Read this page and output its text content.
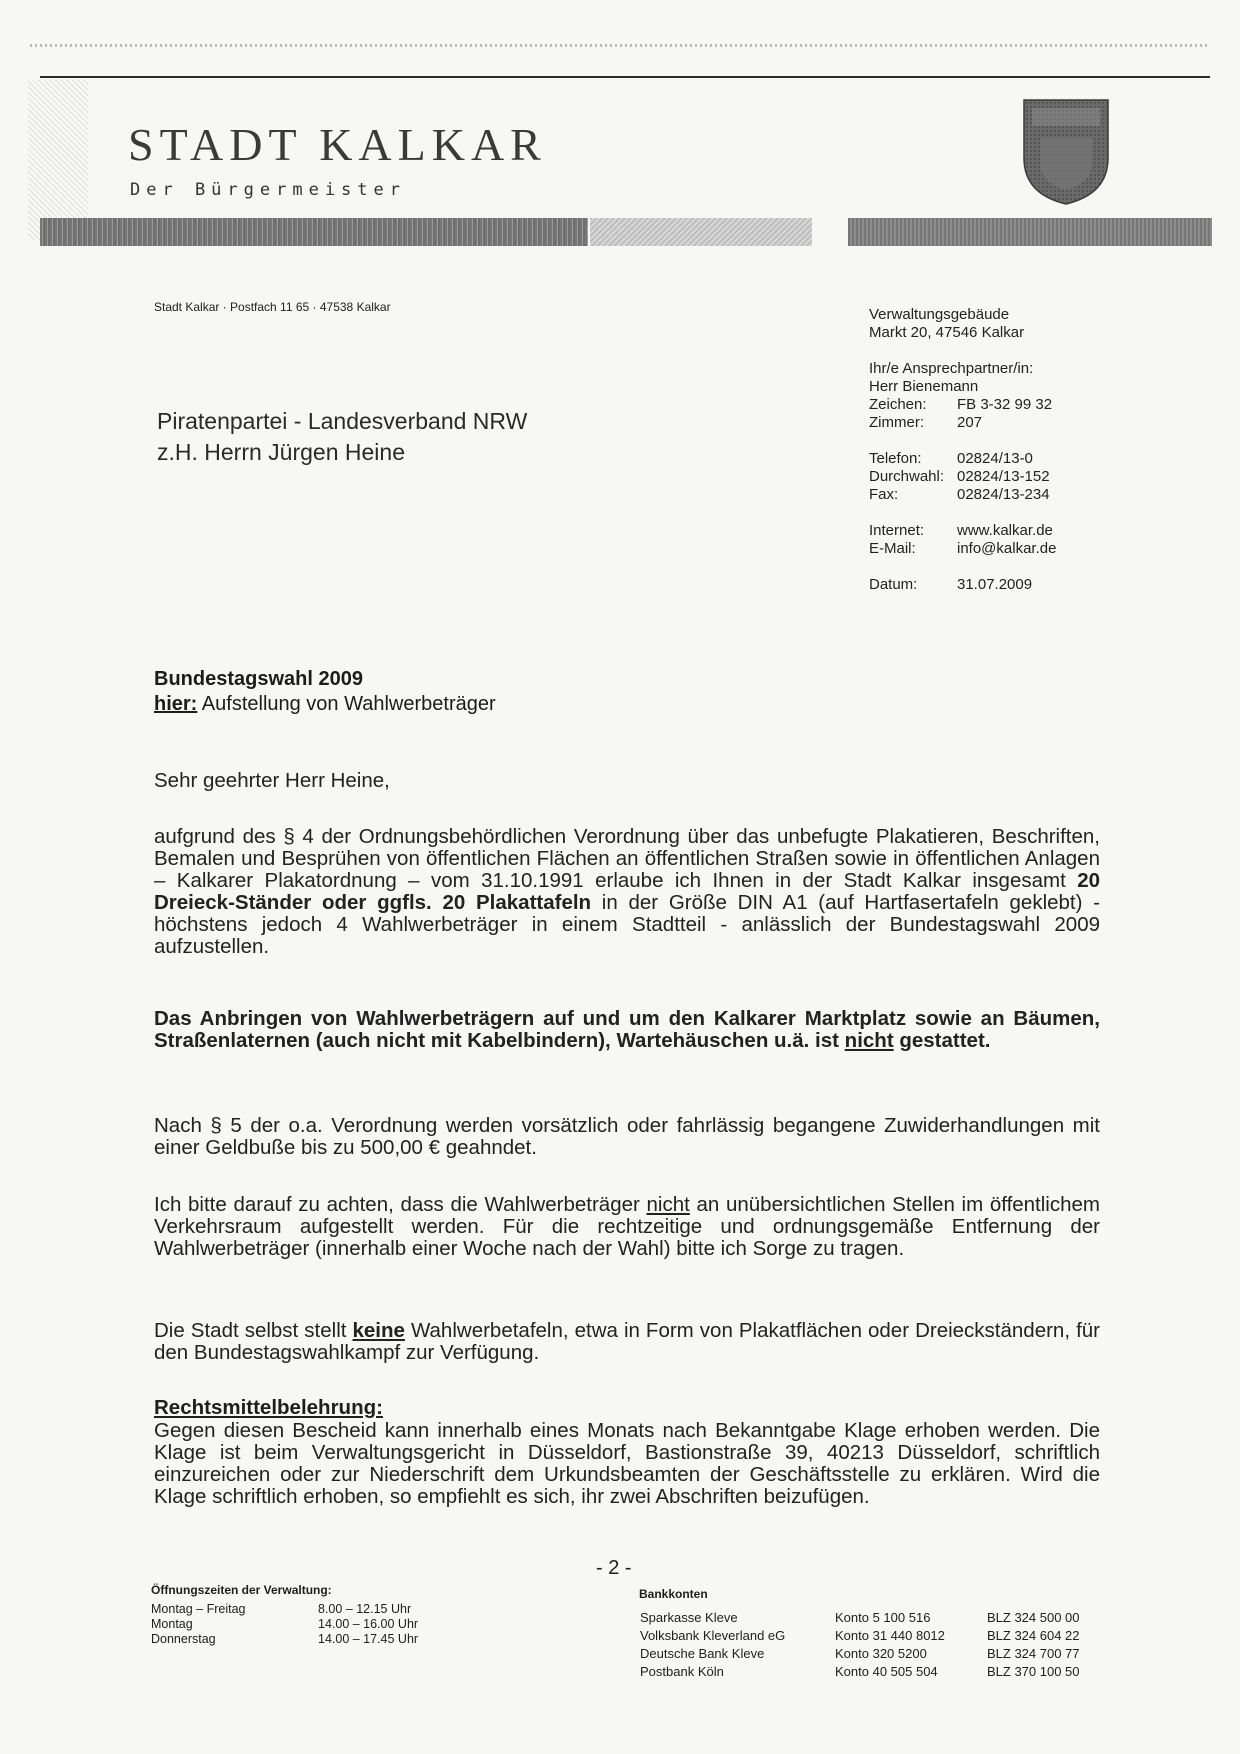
STADT KALKAR
Der Bürgermeister
Stadt Kalkar · Postfach 11 65 · 47538 Kalkar
Piratenpartei - Landesverband NRW
z.H. Herrn Jürgen Heine
Verwaltungsgebäude
Markt 20, 47546 Kalkar
Ihr/e Ansprechpartner/in:
Herr Bienemann
Zeichen: FB 3-32 99 32
Zimmer: 207
Telefon: 02824/13-0
Durchwahl: 02824/13-152
Fax:	02824/13-234
Internet: www.kalkar.de
E-Mail:	info@kalkar.de
Datum:	31.07.2009
Bundestagswahl 2009
hier: Aufstellung von Wahlwerbeträger
Sehr geehrter Herr Heine,
aufgrund des § 4 der Ordnungsbehördlichen Verordnung über das unbefugte Plakatieren, Beschriften, Bemalen und Besprühen von öffentlichen Flächen an öffentlichen Straßen sowie in öffentlichen Anlagen – Kalkarer Plakatordnung – vom 31.10.1991 erlaube ich Ihnen in der Stadt Kalkar insgesamt 20 Dreieck-Ständer oder ggfls. 20 Plakattafeln in der Größe DIN A1 (auf Hartfasertafeln geklebt) - höchstens jedoch 4 Wahlwerbeträger in einem Stadtteil - anlässlich der Bundestagswahl 2009 aufzustellen.
Das Anbringen von Wahlwerbeträgern auf und um den Kalkarer Marktplatz sowie an Bäumen, Straßenlaternen (auch nicht mit Kabelbindern), Wartehäuschen u.ä. ist nicht gestattet.
Nach § 5 der o.a. Verordnung werden vorsätzlich oder fahrlässig begangene Zuwiderhandlungen mit einer Geldbuße bis zu 500,00 € geahndet.
Ich bitte darauf zu achten, dass die Wahlwerbeträger nicht an unübersichtlichen Stellen im öffentlichem Verkehrsraum aufgestellt werden. Für die rechtzeitige und ordnungsgemäße Entfernung der Wahlwerbeträger (innerhalb einer Woche nach der Wahl) bitte ich Sorge zu tragen.
Die Stadt selbst stellt keine Wahlwerbetafeln, etwa in Form von Plakatflächen oder Dreieckständern, für den Bundestagswahlkampf zur Verfügung.
Rechtsmittelbelehrung:
Gegen diesen Bescheid kann innerhalb eines Monats nach Bekanntgabe Klage erhoben werden. Die Klage ist beim Verwaltungsgericht in Düsseldorf, Bastionstraße 39, 40213 Düsseldorf, schriftlich einzureichen oder zur Niederschrift dem Urkundsbeamten der Geschäftsstelle zu erklären. Wird die Klage schriftlich erhoben, so empfiehlt es sich, ihr zwei Abschriften beizufügen.
- 2 -
Öffnungszeiten der Verwaltung:
Montag – Freitag	8.00 – 12.15 Uhr
Montag	14.00 – 16.00 Uhr
Donnerstag	14.00 – 17.45 Uhr
Bankkonten
Sparkasse Kleve	Konto 5 100 516	BLZ 324 500 00
Volksbank Kleverland eG	Konto 31 440 8012	BLZ 324 604 22
Deutsche Bank Kleve	Konto 320 5200	BLZ 324 700 77
Postbank Köln	Konto 40 505 504	BLZ 370 100 50
